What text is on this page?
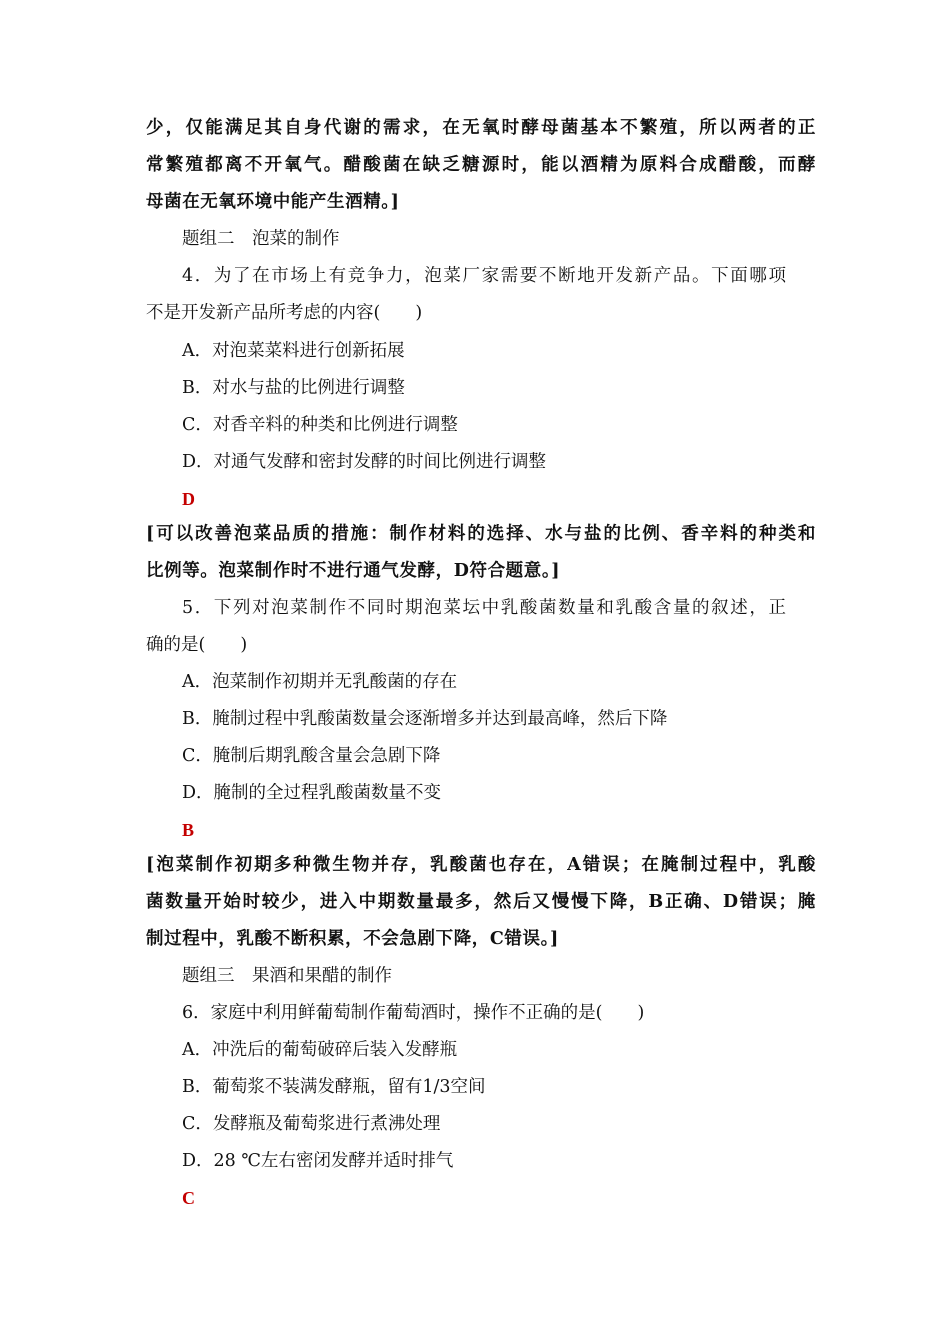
少，仅能满足其自身代谢的需求，在无氧时酵母菌基本不繁殖，所以两者的正
常繁殖都离不开氧气。醋酸菌在缺乏糖源时，能以酒精为原料合成醋酸，而酵
母菌在无氧环境中能产生酒精。]
题组二　泡菜的制作
4．为了在市场上有竞争力，泡菜厂家需要不断地开发新产品。下面哪项
不是开发新产品所考虑的内容(　　)
A．对泡菜菜料进行创新拓展
B．对水与盐的比例进行调整
C．对香辛料的种类和比例进行调整
D．对通气发酵和密封发酵的时间比例进行调整
D
[可以改善泡菜品质的措施：制作材料的选择、水与盐的比例、香辛料的种类和
比例等。泡菜制作时不进行通气发酵，D符合题意。]
5．下列对泡菜制作不同时期泡菜坛中乳酸菌数量和乳酸含量的叙述，正
确的是(　　)
A．泡菜制作初期并无乳酸菌的存在
B．腌制过程中乳酸菌数量会逐渐增多并达到最高峰，然后下降
C．腌制后期乳酸含量会急剧下降
D．腌制的全过程乳酸菌数量不变
B
[泡菜制作初期多种微生物并存，乳酸菌也存在，A错误；在腌制过程中，乳酸
菌数量开始时较少，进入中期数量最多，然后又慢慢下降，B正确、D错误；腌
制过程中，乳酸不断积累，不会急剧下降，C错误。]
题组三　果酒和果醋的制作
6．家庭中利用鲜葡萄制作葡萄酒时，操作不正确的是(　　)
A．冲洗后的葡萄破碎后装入发酵瓶
B．葡萄浆不装满发酵瓶，留有1/3空间
C．发酵瓶及葡萄浆进行煮沸处理
D．28 ℃左右密闭发酵并适时排气
C
